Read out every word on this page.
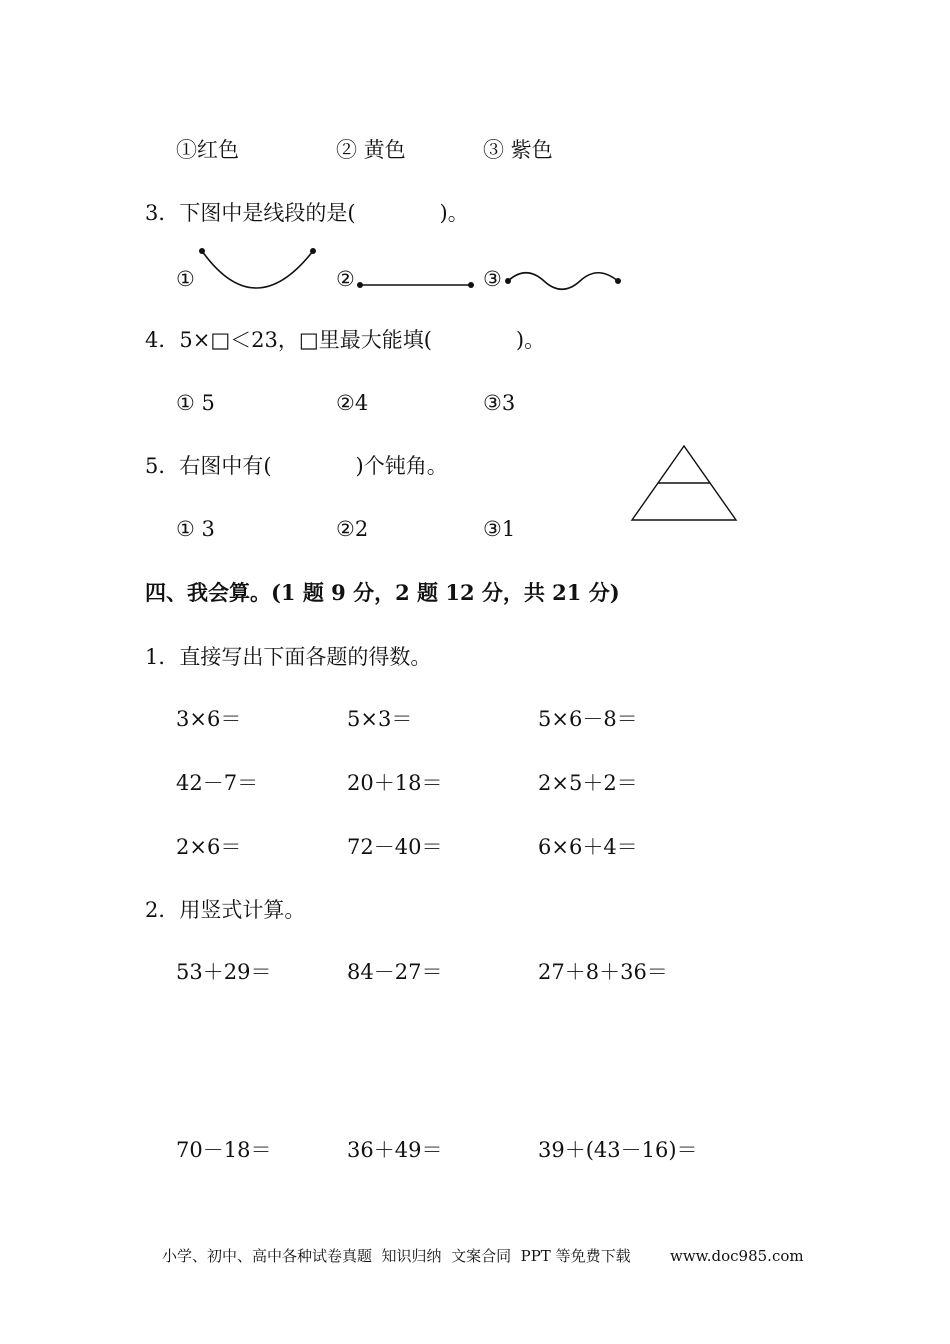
①红色	② 黄色	③ 紫色
3．下图中是线段的是(　　　　)。
①	②	③
4．5×□＜23，□里最大能填(　　　　)。
① 5	②4	③3
5．右图中有(　　　　)个钝角。
① 3	②2	③1
四、我会算。(1 题 9 分，2 题 12 分，共 21 分)
1．直接写出下面各题的得数。
3×6＝	5×3＝	5×6－8＝
42－7＝	20＋18＝	2×5＋2＝
2×6＝	72－40＝	6×6＋4＝
2．用竖式计算。
53＋29＝	84－27＝	27＋8＋36＝
70－18＝	36＋49＝	39＋(43－16)＝
小学、初中、高中各种试卷真题  知识归纳  文案合同  PPT 等免费下载	www.doc985.com
